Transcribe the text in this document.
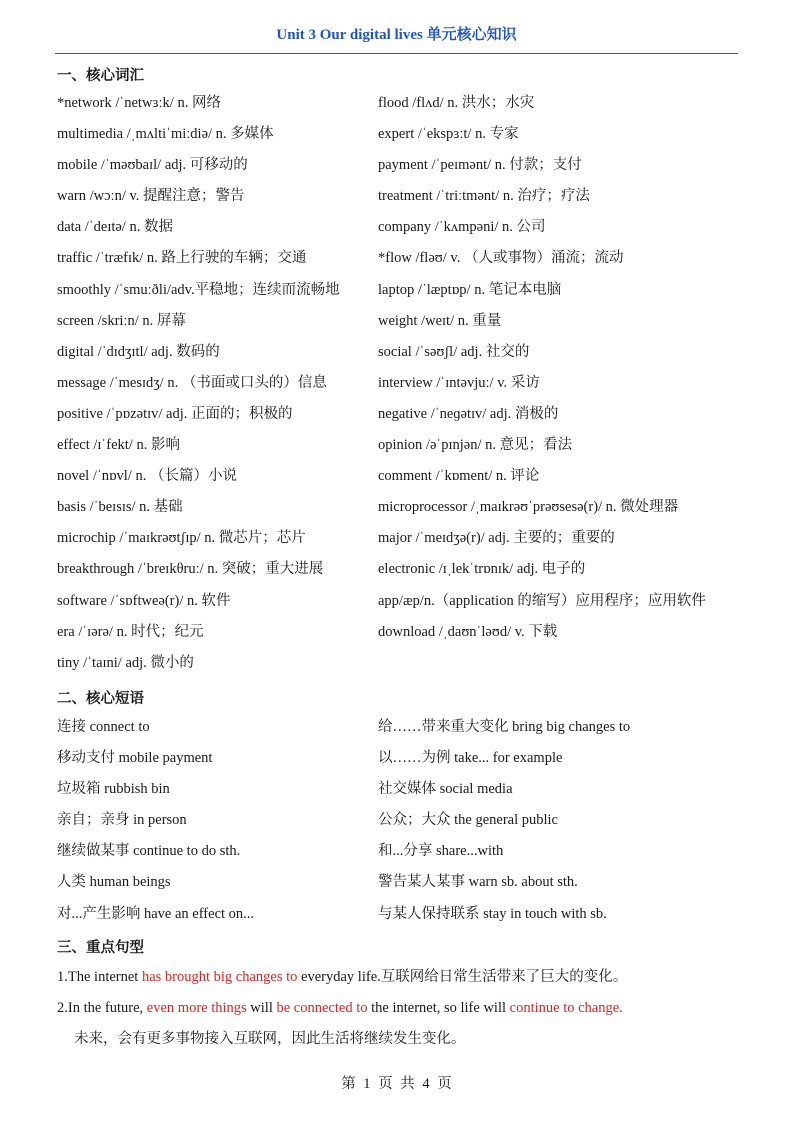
Unit 3 Our digital lives 单元核心知识
一、核心词汇
*network /ˈnetwɜːk/ n. 网络	flood /flʌd/ n. 洪水；水灾
multimedia /ˌmʌltiˈmiːdiə/ n. 多媒体	expert /ˈekspɜːt/ n. 专家
mobile /ˈməʊbaɪl/ adj. 可移动的	payment /ˈpeɪmənt/ n. 付款；支付
warn /wɔːn/ v. 提醒注意；警告	treatment /ˈtriːtmənt/ n. 治疗；疗法
data /ˈdeɪtə/ n. 数据	company /ˈkʌmpəni/ n. 公司
traffic /ˈtræfɪk/ n. 路上行驶的车辆；交通	*flow /fləʊ/ v. （人或事物）涌流；流动
smoothly /ˈsmuːðli/adv.平稳地；连续而流畅地	laptop /ˈlæptɒp/ n. 笔记本电脑
screen /skriːn/ n. 屏幕	weight /weɪt/ n. 重量
digital /ˈdɪdʒɪtl/ adj. 数码的	social /ˈsəʊʃl/ adj. 社交的
message /ˈmesɪdʒ/ n. （书面或口头的）信息	interview /ˈɪntəvjuː/ v. 采访
positive /ˈpɒzətɪv/ adj. 正面的；积极的	negative /ˈneɡətɪv/ adj. 消极的
effect /ɪˈfekt/ n. 影响	opinion /əˈpɪnjən/ n. 意见；看法
novel /ˈnɒvl/ n. （长篇）小说	comment /ˈkɒment/ n. 评论
basis /ˈbeɪsɪs/ n. 基础	microprocessor /ˌmaɪkrəʊˈprəʊsesə(r)/ n. 微处理器
microchip /ˈmaɪkrəʊtʃɪp/ n. 微芯片；芯片	major /ˈmeɪdʒə(r)/ adj. 主要的；重要的
breakthrough /ˈbreɪkθruː/ n. 突破；重大进展	electronic /ɪˌlekˈtrɒnɪk/ adj. 电子的
software /ˈsɒftweə(r)/ n. 软件	app/æp/n.（application 的缩写）应用程序；应用软件
era /ˈɪərə/ n. 时代；纪元	download /ˌdaʊnˈləʊd/ v. 下载
tiny /ˈtaɪni/ adj. 微小的
二、核心短语
连接 connect to	给……带来重大变化 bring big changes to
移动支付 mobile payment	以……为例 take... for example
垃圾箱 rubbish bin	社交媒体 social media
亲自；亲身 in person	公众；大众 the general public
继续做某事 continue to do sth.	和...分享 share...with
人类 human beings	警告某人某事 warn sb. about sth.
对...产生影响 have an effect on...	与某人保持联系 stay in touch with sb.
三、重点句型
1.The internet has brought big changes to everyday life.互联网给日常生活带来了巨大的变化。
2.In the future, even more things will be connected to the internet, so life will continue to change.
未来，会有更多事物接入互联网，因此生活将继续发生变化。
第 1 页 共 4 页
